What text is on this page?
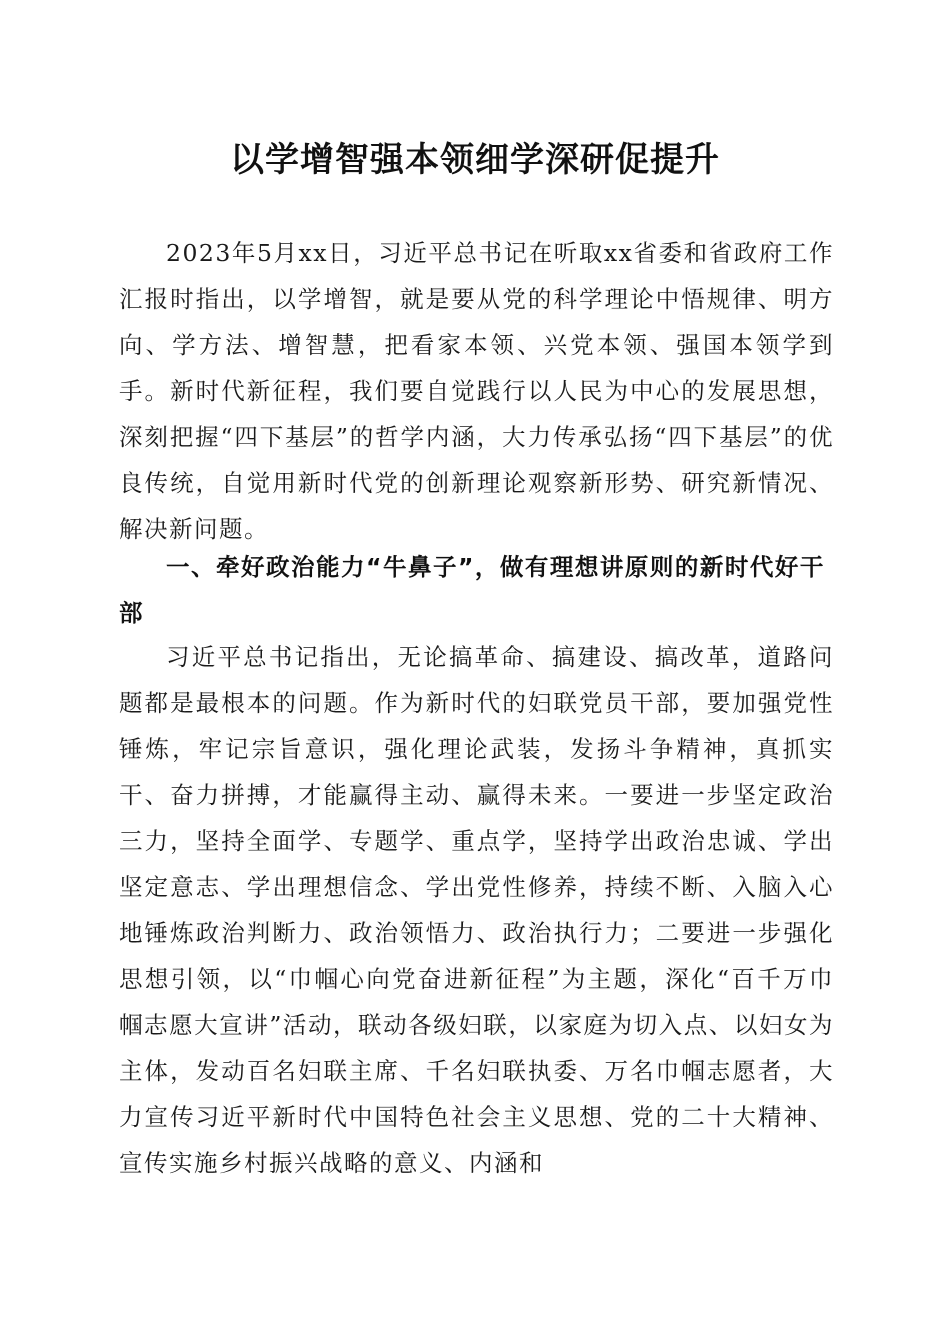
以学增智强本领细学深研促提升

2023年5月xx日，习近平总书记在听取xx省委和省政府工作汇报时指出，以学增智，就是要从党的科学理论中悟规律、明方向、学方法、增智慧，把看家本领、兴党本领、强国本领学到手。新时代新征程，我们要自觉践行以人民为中心的发展思想，深刻把握“四下基层”的哲学内涵，大力传承弘扬“四下基层”的优良传统，自觉用新时代党的创新理论观察新形势、研究新情况、解决新问题。

一、牵好政治能力“牛鼻子”，做有理想讲原则的新时代好干部

习近平总书记指出，无论搞革命、搞建设、搞改革，道路问题都是最根本的问题。作为新时代的妇联党员干部，要加强党性锤炼，牢记宗旨意识，强化理论武装，发扬斗争精神，真抓实干、奋力拼搏，才能赢得主动、赢得未来。一要进一步坚定政治三力，坚持全面学、专题学、重点学，坚持学出政治忠诚、学出坚定意志、学出理想信念、学出党性修养，持续不断、入脑入心地锤炼政治判断力、政治领悟力、政治执行力；二要进一步强化思想引领，以“巾帼心向党奋进新征程”为主题，深化“百千万巾帼志愿大宣讲”活动，联动各级妇联，以家庭为切入点、以妇女为主体，发动百名妇联主席、千名妇联执委、万名巾帼志愿者，大力宣传习近平新时代中国特色社会主义思想、党的二十大精神、宣传实施乡村振兴战略的意义、内涵和
